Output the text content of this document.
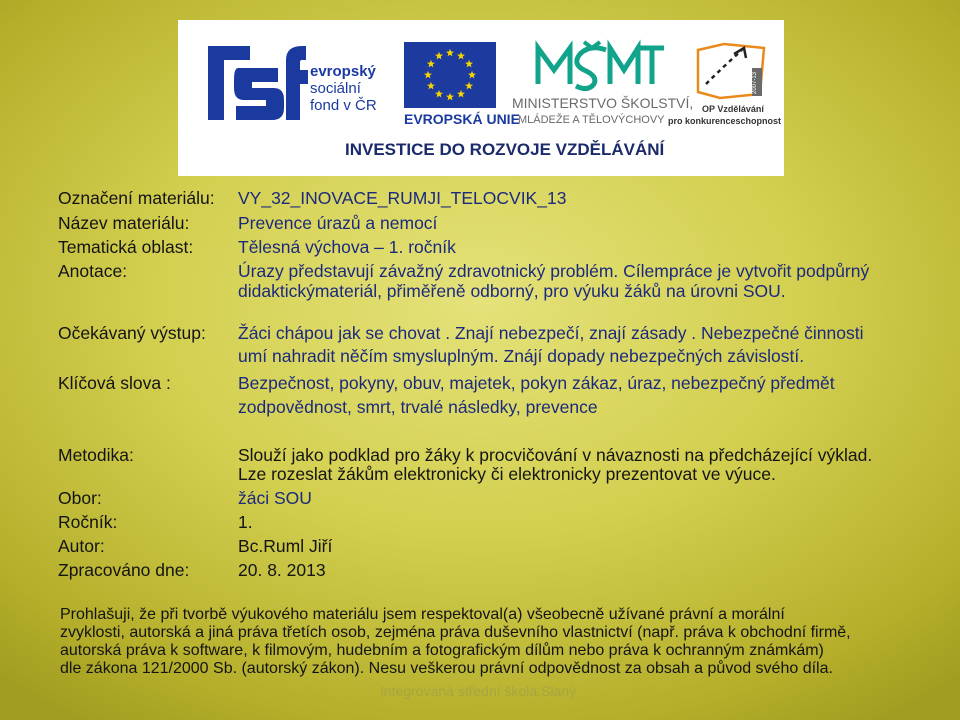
evropský
sociální
fond v ČR
EVROPSKÁ UNIE
MINISTERSTVO ŠKOLSTVÍ,
MLÁDEŽE A TĚLOVÝCHOVY
2007-13
OP Vzdělávání
pro konkurenceschopnost
INVESTICE DO ROZVOJE VZDĚLÁVÁNÍ
Označení materiálu: VY_32_INOVACE_RUMJI_TELOCVIK_13
Název materiálu:	Prevence úrazů a nemocí
Tematická oblast:	Tělesná výchova – 1. ročník
Anotace:	Úrazy představují závažný zdravotnický problém. Cílempráce je vytvořit podpůrný
didaktickýmateriál, přiměřeně odborný, pro výuku žáků na úrovni SOU.
Očekávaný výstup: Žáci chápou jak se chovat . Znají nebezpečí, znají zásady . Nebezpečné činnosti
umí nahradit něčím smysluplným. Znájí dopady nebezpečných závislostí.
Klíčová slova :	Bezpečnost, pokyny, obuv, majetek, pokyn zákaz, úraz, nebezpečný předmět
zodpovědnost, smrt, trvalé následky, prevence
Metodika:	Slouží jako podklad pro žáky k procvičování v návaznosti na předcházející výklad.
Lze rozeslat žákům elektronicky či elektronicky prezentovat ve výuce.
Obor:	žáci SOU
Ročník:	1.
Autor:	Bc.Ruml Jiří
Zpracováno dne:	20. 8. 2013
Prohlašuji, že při tvorbě výukového materiálu jsem respektoval(a) všeobecně užívané právní a morální
zvyklosti, autorská a jiná práva třetích osob, zejména práva duševního vlastnictví (např. práva k obchodní firmě,
autorská práva k software, k filmovým, hudebním a fotografickým dílům nebo práva k ochranným známkám)
dle zákona 121/2000 Sb. (autorský zákon). Nesu veškerou právní odpovědnost za obsah a původ svého díla.
Integrovaná střední škola,Slaný
